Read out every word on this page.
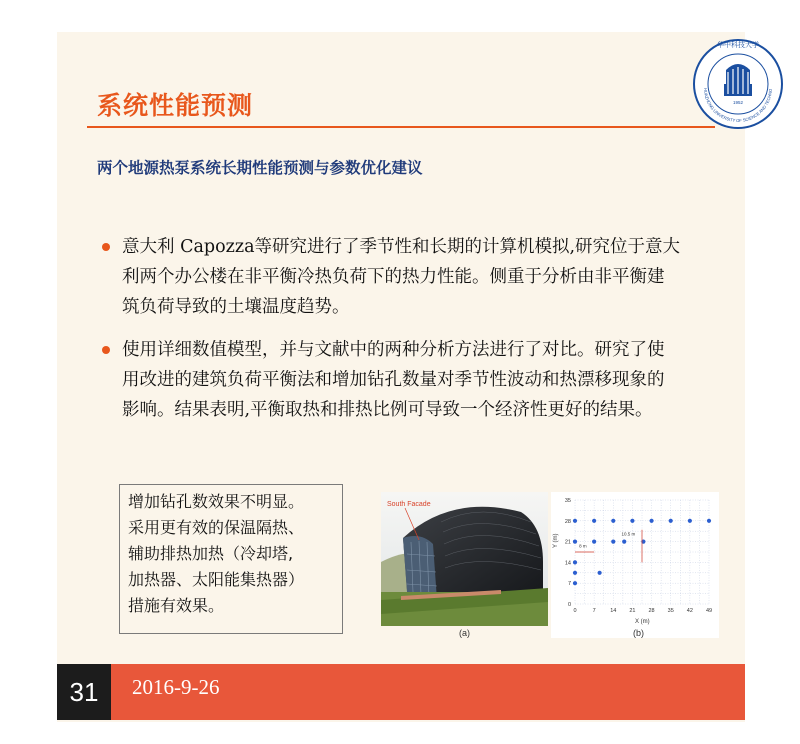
系统性能预测
两个地源热泵系统长期性能预测与参数优化建议
意大利 Capozza等研究进行了季节性和长期的计算机模拟,研究位于意大
利两个办公楼在非平衡冷热负荷下的热力性能。侧重于分析由非平衡建
筑负荷导致的土壤温度趋势。
使用详细数值模型，并与文献中的两种分析方法进行了对比。研究了使
用改进的建筑负荷平衡法和增加钻孔数量对季节性波动和热漂移现象的
影响。结果表明,平衡取热和排热比例可导致一个经济性更好的结果。
增加钻孔数效果不明显。
采用更有效的保温隔热、
辅助排热加热（冷却塔,
加热器、太阳能集热器）
措施有效果。
South Facade
(a)
0	7	14 21 28 35 42 49
0
7
14
21
28
35
8 m
10.5 m
Y (m)
X (m)
(b)
华中科技大学
HUAZHONG UNIVERSITY OF SCIENCE AND TECHNO
1952
31	2016-9-26
